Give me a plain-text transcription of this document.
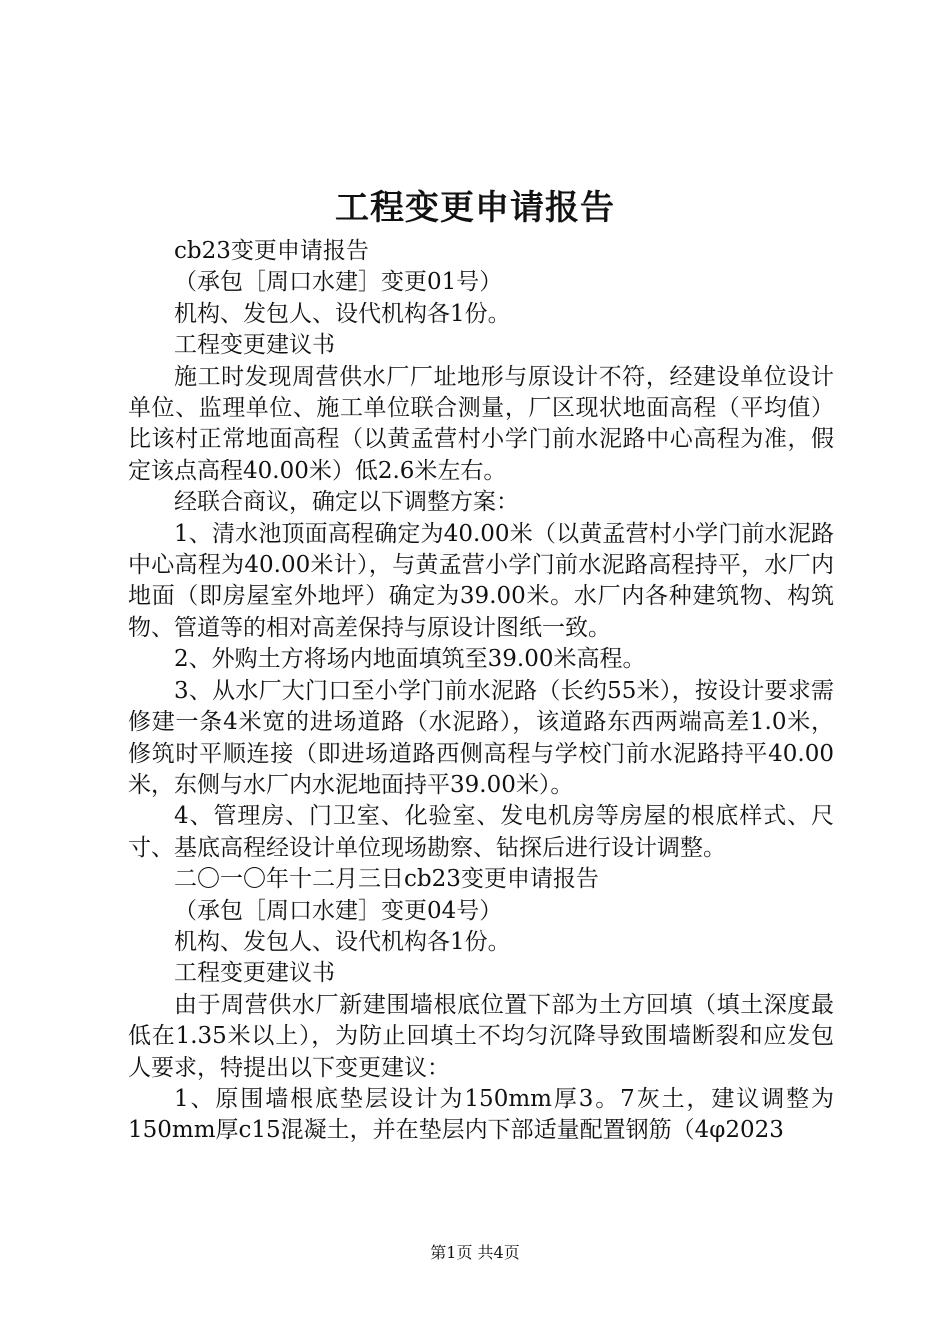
工程变更申请报告

cb23变更申请报告

（承包［周口水建］变更01号）

机构、发包人、设代机构各1份。

工程变更建议书

施工时发现周营供水厂厂址地形与原设计不符，经建设单位设计单位、监理单位、施工单位联合测量，厂区现状地面高程（平均值）比该村正常地面高程（以黄孟营村小学门前水泥路中心高程为准，假定该点高程40.00米）低2.6米左右。

经联合商议，确定以下调整方案：

1、清水池顶面高程确定为40.00米（以黄孟营村小学门前水泥路中心高程为40.00米计），与黄孟营小学门前水泥路高程持平，水厂内地面（即房屋室外地坪）确定为39.00米。水厂内各种建筑物、构筑物、管道等的相对高差保持与原设计图纸一致。

2、外购土方将场内地面填筑至39.00米高程。

3、从水厂大门口至小学门前水泥路（长约55米），按设计要求需修建一条4米宽的进场道路（水泥路），该道路东西两端高差1.0米，修筑时平顺连接（即进场道路西侧高程与学校门前水泥路持平40.00米，东侧与水厂内水泥地面持平39.00米）。

4、管理房、门卫室、化验室、发电机房等房屋的根底样式、尺寸、基底高程经设计单位现场勘察、钻探后进行设计调整。

二〇一〇年十二月三日cb23变更申请报告

（承包［周口水建］变更04号）

机构、发包人、设代机构各1份。

工程变更建议书

由于周营供水厂新建围墙根底位置下部为土方回填（填土深度最低在1.35米以上），为防止回填土不均匀沉降导致围墙断裂和应发包人要求，特提出以下变更建议：

1、原围墙根底垫层设计为150mm厚3。7灰土，建议调整为150mm厚c15混凝土，并在垫层内下部适量配置钢筋（4φ2023

第1页 共4页
